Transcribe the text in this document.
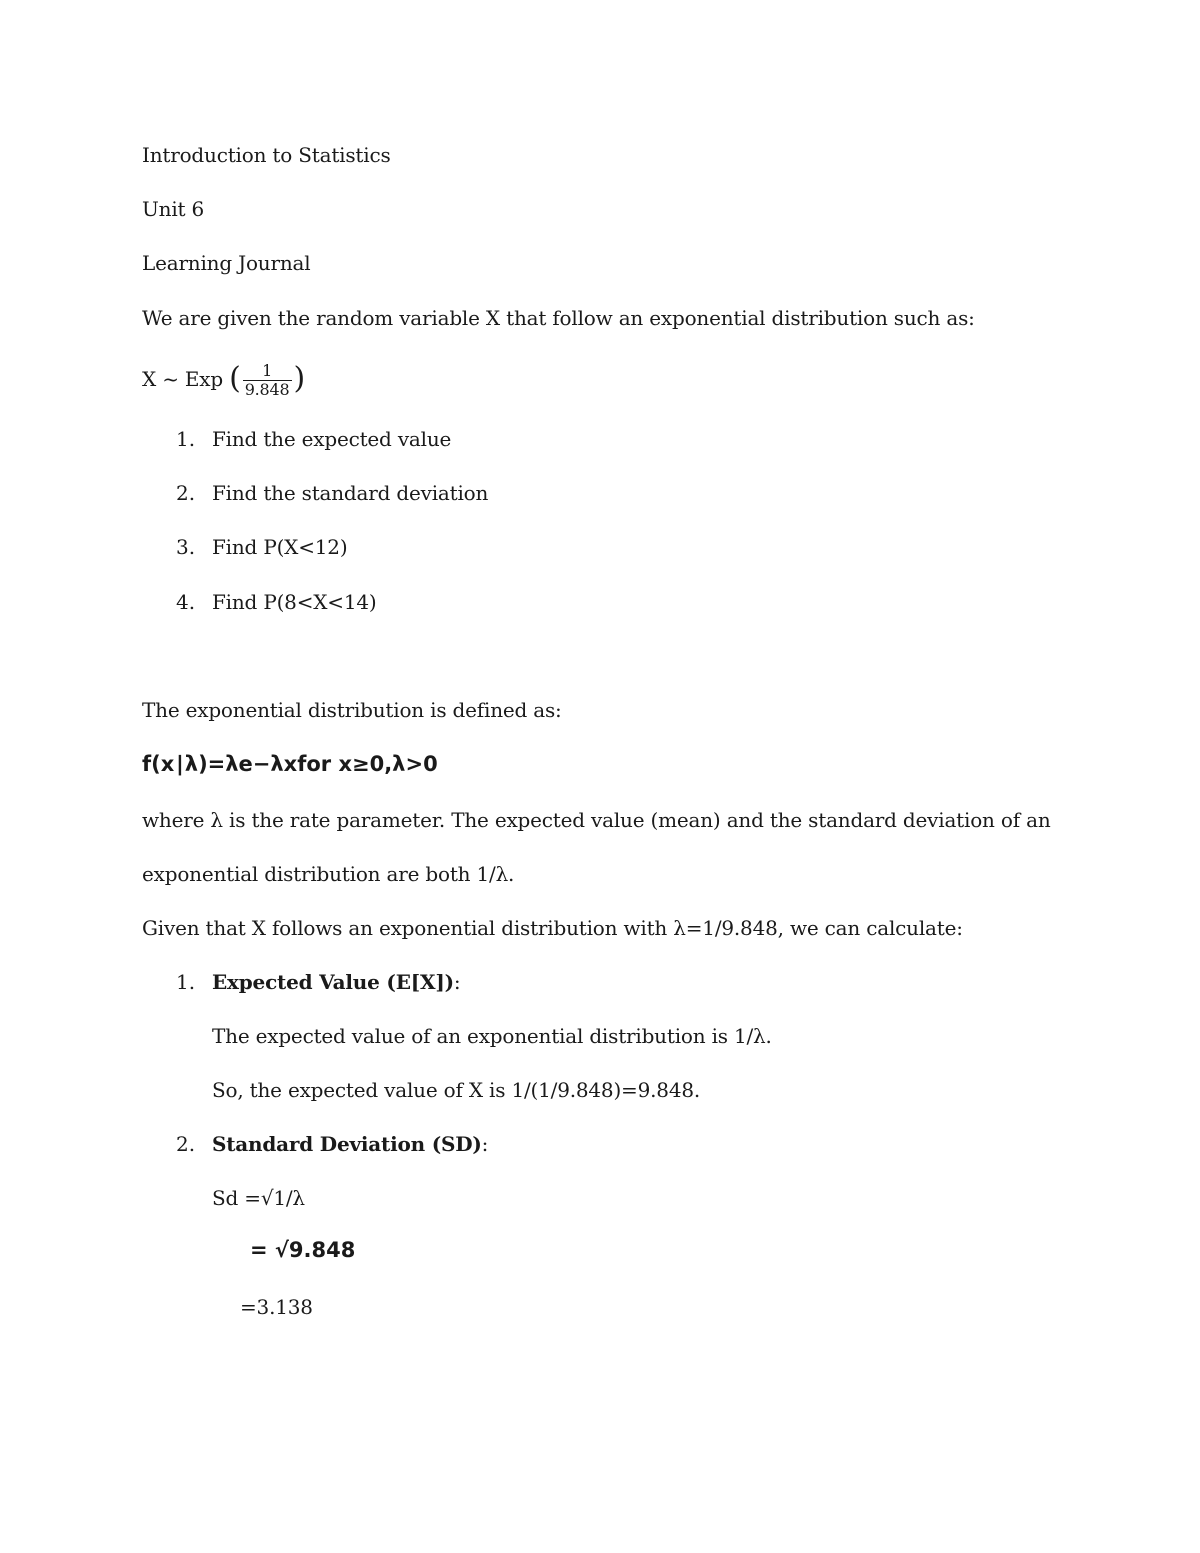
Introduction to Statistics
Unit 6
Learning Journal
We are given the random variable X that follow an exponential distribution such as:
X ~ Exp ( $\frac{1}{9.848}$ )
1. Find the expected value
2. Find the standard deviation
3. Find P(X<12)
4. Find P(8<X<14)
The exponential distribution is defined as:
f(x∣λ)=λe−λxfor x≥0,λ>0
where λ is the rate parameter. The expected value (mean) and the standard deviation of an
exponential distribution are both 1/λ.
Given that X follows an exponential distribution with λ=1/9.848, we can calculate:
1. Expected Value (E[X]):
The expected value of an exponential distribution is 1/λ.
So, the expected value of X is 1/(1/9.848)=9.848.
2. Standard Deviation (SD):
Sd =√1/λ
= √9.848
=3.138
